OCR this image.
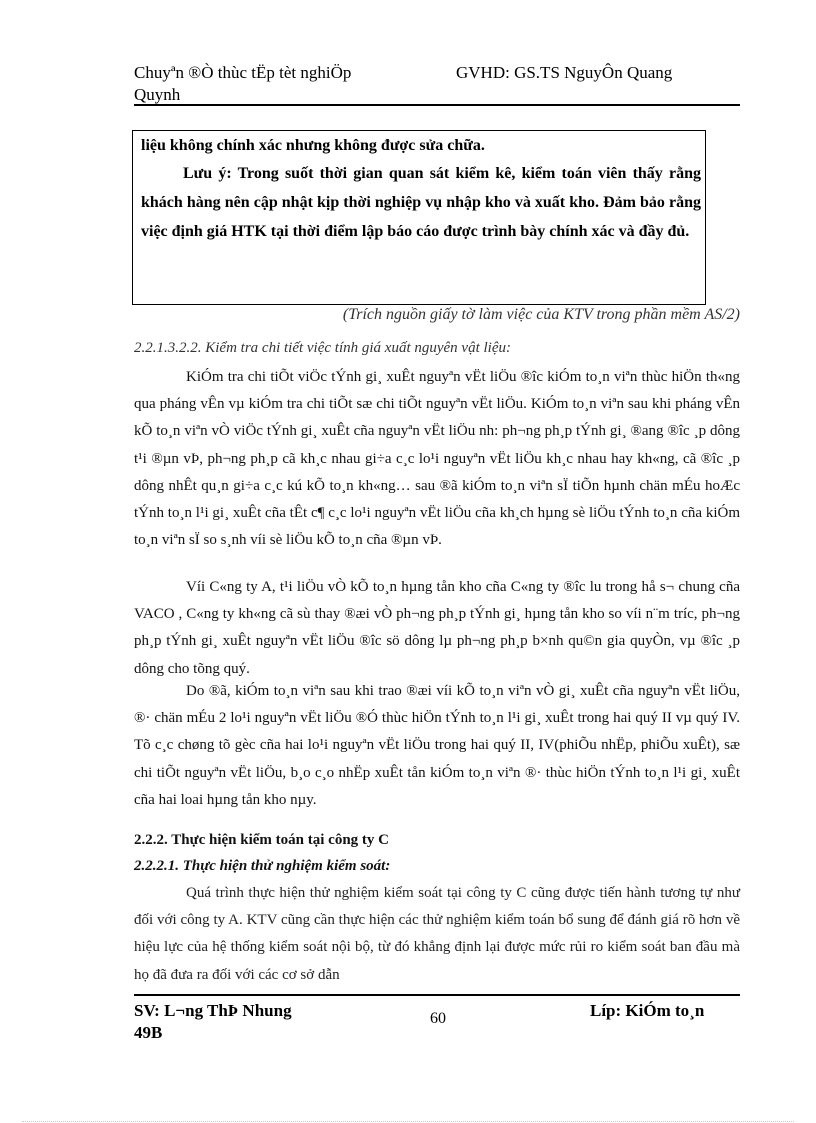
Chuyªn ®Ò thùc tËp tèt nghiÖp
Quynh
GVHD: GS.TS NguyÔn Quang

liệu không chính xác nhưng không được sửa chữa.

Lưu ý: Trong suốt thời gian quan sát kiểm kê, kiểm toán viên thấy rằng khách hàng nên cập nhật kịp thời nghiệp vụ nhập kho và xuất kho. Đảm bảo rằng việc định giá HTK tại thời điểm lập báo cáo được trình bày chính xác và đầy đủ.

(Trích nguồn giấy tờ làm việc của KTV trong phần mềm AS/2)
2.2.1.3.2.2. Kiểm tra chi tiết việc tính giá xuất nguyên vật liệu:
KiÓm tra chi tiÕt viÖc tÝnh gi¸ xuÊt nguyªn vËt liÖu ®îc kiÓm to¸n viªn thùc hiÖn th«ng qua pháng vÊn vµ kiÓm tra chi tiÕt sæ chi tiÕt nguyªn vËt liÖu. KiÓm to¸n viªn sau khi pháng vÊn kÕ to¸n viªn vÒ viÖc tÝnh gi¸ xuÊt cña nguyªn vËt liÖu nh: ph¬ng ph¸p tÝnh gi¸ ®ang ®îc ¸p dông t¹i ®µn vÞ, ph¬ng ph¸p cã kh¸c nhau gi÷a c¸c lo¹i nguyªn vËt liÖu kh¸c nhau hay kh«ng, cã ®îc ¸p dông nhÊt qu¸n gi÷a c¸c kú kÕ to¸n kh«ng… sau ®ã kiÓm to¸n viªn sÏ tiÕn hµnh chän mÉu hoÆc tÝnh to¸n l¹i gi¸ xuÊt cña tÊt c¶ c¸c lo¹i nguyªn vËt liÖu cña kh¸ch hµng sè liÖu tÝnh to¸n cña kiÓm to¸n viªn sÏ so s¸nh víi sè liÖu kÕ to¸n cña ®µn vÞ.
Víi C«ng ty A, t¹i liÖu vÒ kÕ to¸n hµng tån kho cña C«ng ty ®îc lu trong hå s¬ chung cña VACO , C«ng ty kh«ng cã sù thay ®æi vÒ ph¬ng ph¸p tÝnh gi¸ hµng tån kho so víi n¨m tríc, ph¬ng ph¸p tÝnh gi¸ xuÊt nguyªn vËt liÖu ®îc sö dông lµ ph¬ng ph¸p b×nh qu©n gia quyÒn, vµ ®îc ¸p dông cho tõng quý.
Do ®ã, kiÓm to¸n viªn sau khi trao ®æi víi kÕ to¸n viªn vÒ gi¸ xuÊt cña nguyªn vËt liÖu, ®· chän mÉu 2 lo¹i nguyªn vËt liÖu ®Ó thùc hiÖn tÝnh to¸n l¹i gi¸ xuÊt trong hai quý II vµ quý IV. Tõ c¸c chøng tõ gèc cña hai lo¹i nguyªn vËt liÖu trong hai quý II, IV(phiÕu nhËp, phiÕu xuÊt), sæ chi tiÕt nguyªn vËt liÖu, b¸o c¸o nhËp xuÊt tån kiÓm to¸n viªn ®· thùc hiÖn tÝnh to¸n l¹i gi¸ xuÊt cña hai loai hµng tån kho nµy.
2.2.2. Thực hiện kiểm toán tại công ty C
2.2.2.1. Thực hiện thử nghiệm kiểm soát:
Quá trình thực hiện thử nghiệm kiểm soát tại công ty C cũng được tiến hành tương tự như đối với công ty A. KTV cũng cần thực hiện các thử nghiệm kiểm toán bổ sung để đánh giá rõ hơn về hiệu lực của hệ thống kiểm soát nội bộ, từ đó khẳng định lại được mức rủi ro kiểm soát ban đầu mà họ đã đưa ra đối với các cơ sở dẫn
SV: L¬ng ThÞ Nhung
49B
60	Líp: KiÓm to¸n
